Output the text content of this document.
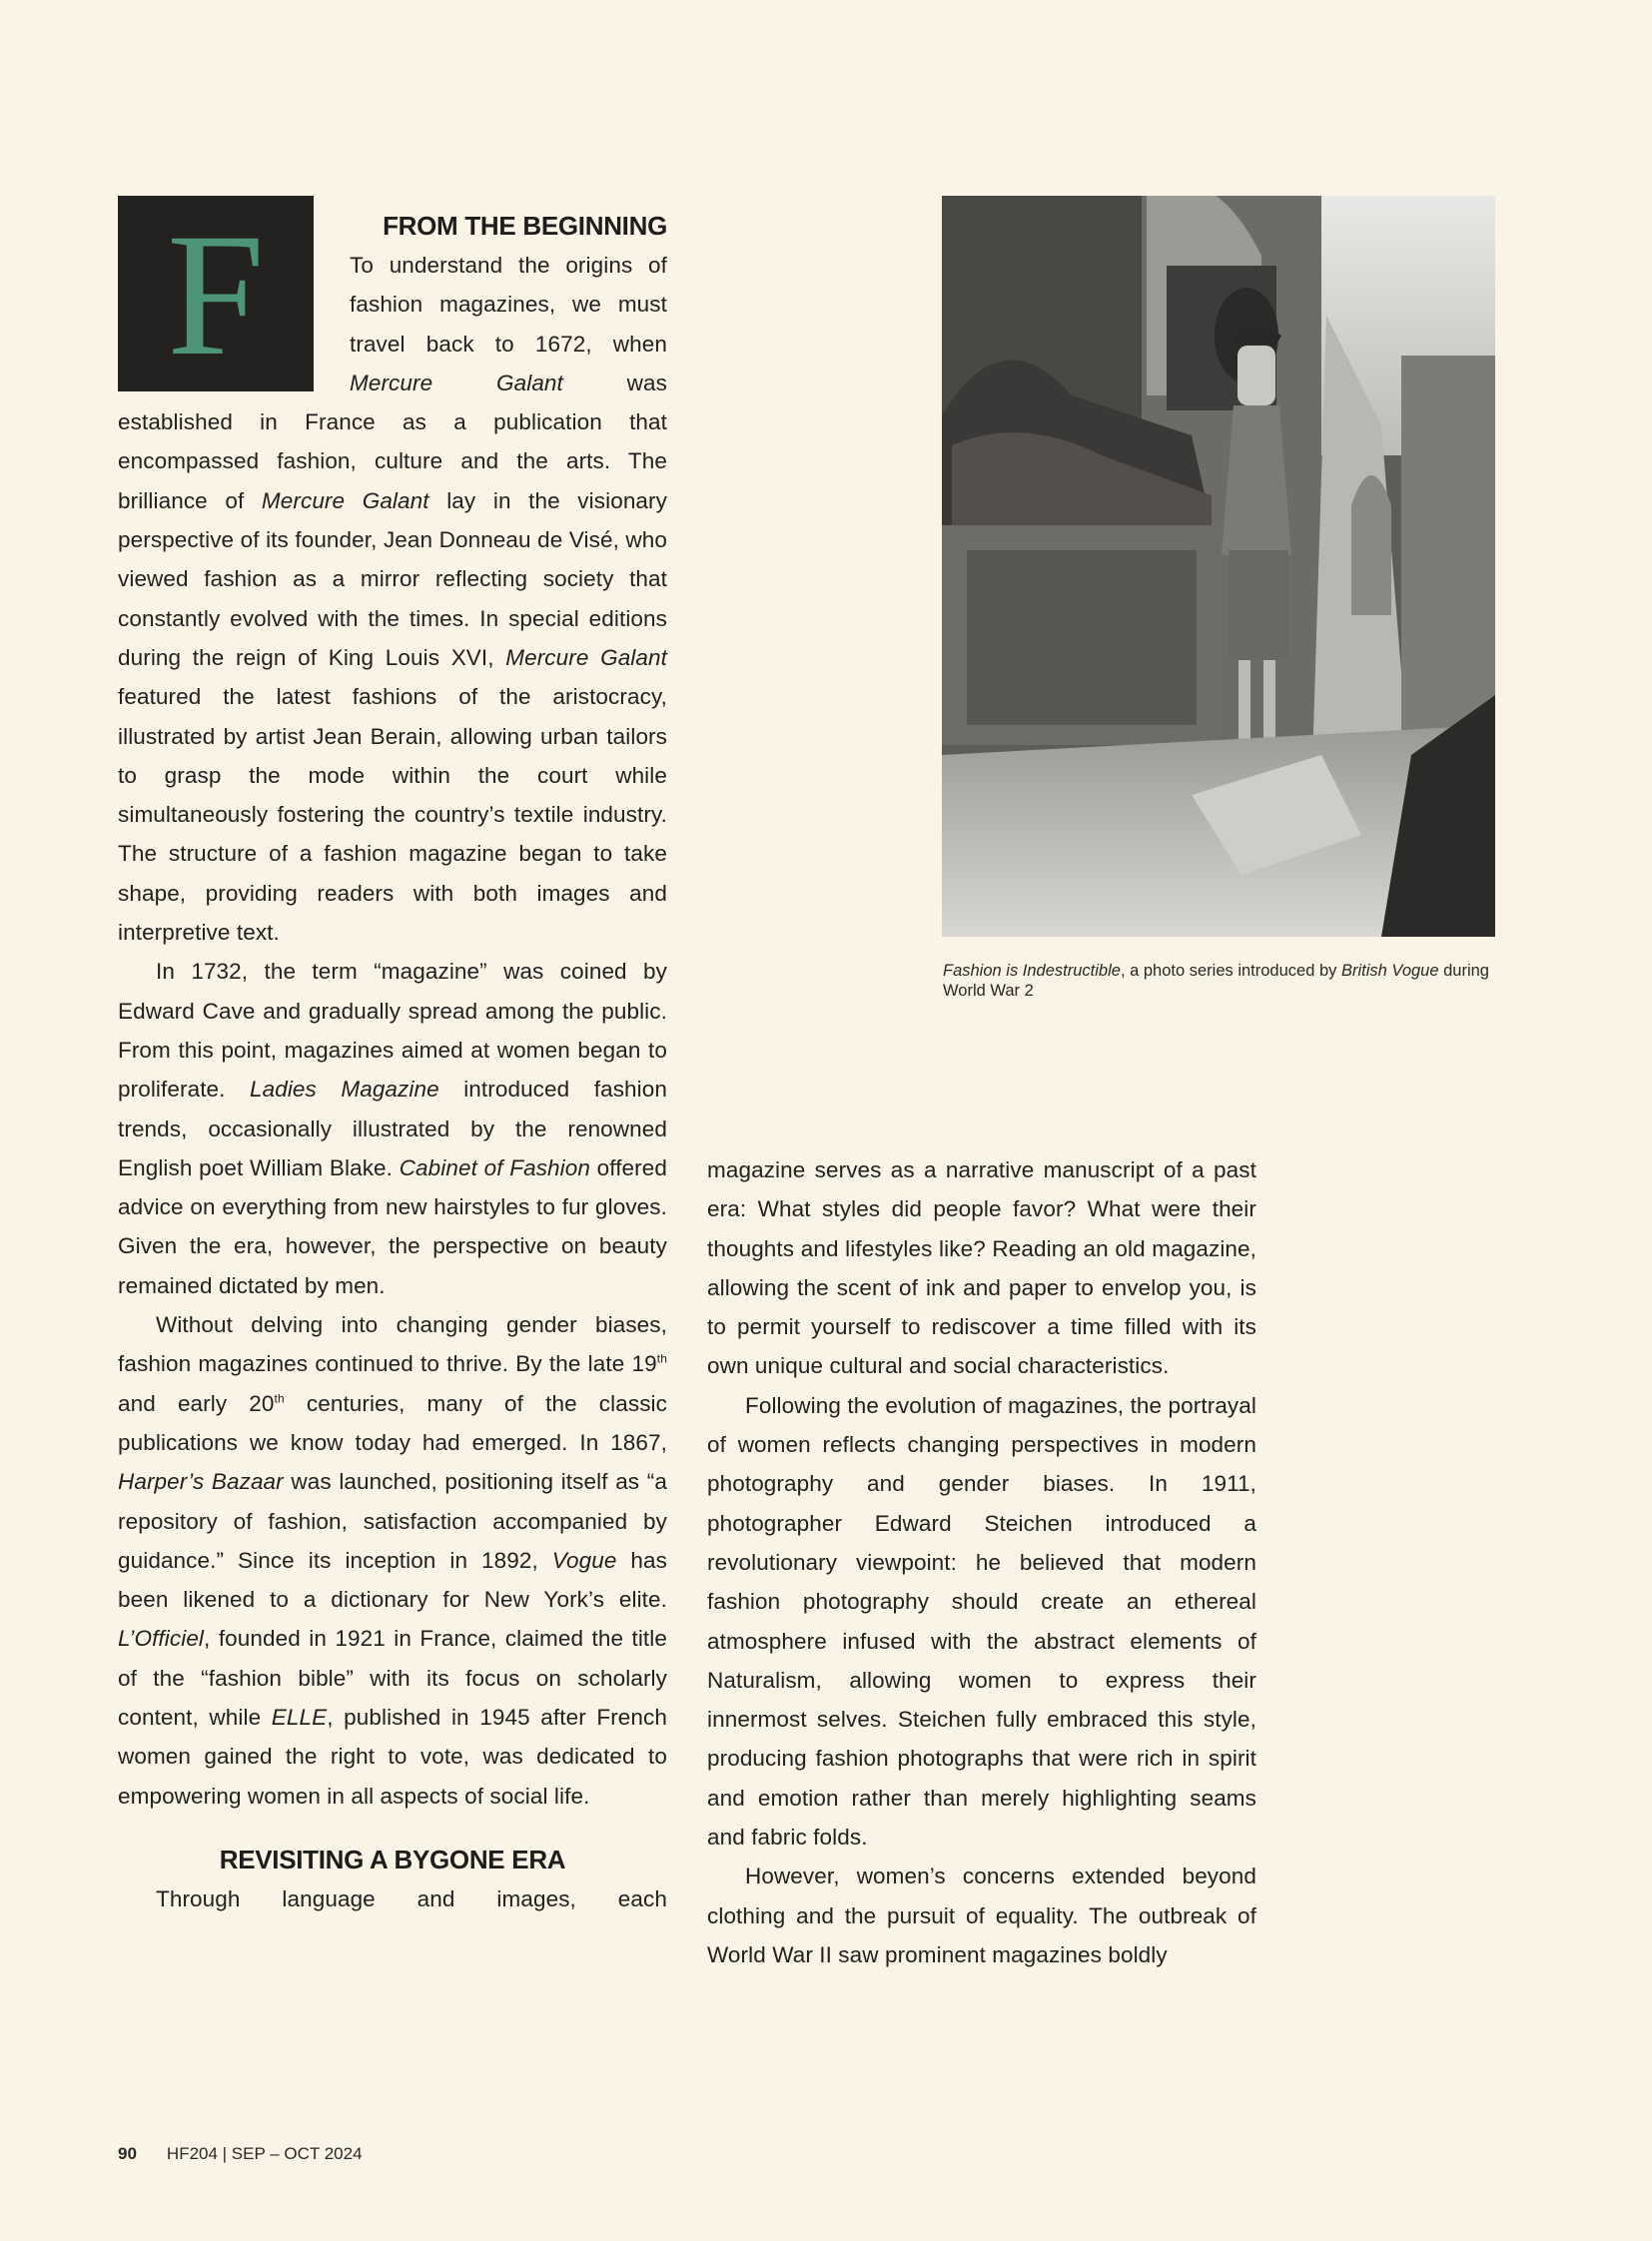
F	FROM THE BEGINNING

To understand the origins of fashion magazines, we must travel back to 1672, when Mercure Galant was established in France as a publication that encompassed fashion, culture and the arts. The brilliance of Mercure Galant lay in the visionary perspective of its founder, Jean Donneau de Visé, who viewed fashion as a mirror reflecting society that constantly evolved with the times. In special editions during the reign of King Louis XVI, Mercure Galant featured the latest fashions of the aristocracy, illustrated by artist Jean Berain, allowing urban tailors to grasp the mode within the court while simultaneously fostering the country’s textile industry. The structure of a fashion magazine began to take shape, providing readers with both images and interpretive text.

In 1732, the term “magazine” was coined by Edward Cave and gradually spread among the public. From this point, magazines aimed at women began to proliferate. Ladies Magazine introduced fashion trends, occasionally illustrated by the renowned English poet William Blake. Cabinet of Fashion offered advice on everything from new hairstyles to fur gloves. Given the era, however, the perspective on beauty remained dictated by men.

Without delving into changing gender biases, fashion magazines continued to thrive. By the late 19th and early 20th centuries, many of the classic publications we know today had emerged. In 1867, Harper’s Bazaar was launched, positioning itself as “a repository of fashion, satisfaction accompanied by guidance.” Since its inception in 1892, Vogue has been likened to a dictionary for New York’s elite. L’Officiel, founded in 1921 in France, claimed the title of the “fashion bible” with its focus on scholarly content, while ELLE, published in 1945 after French women gained the right to vote, was dedicated to empowering women in all aspects of social life.

REVISITING A BYGONE ERA

Through language and images, each

magazine serves as a narrative manuscript of a past era: What styles did people favor? What were their thoughts and lifestyles like? Reading an old magazine, allowing the scent of ink and paper to envelop you, is to permit yourself to rediscover a time filled with its own unique cultural and social characteristics.

Following the evolution of magazines, the portrayal of women reflects changing perspectives in modern photography and gender biases. In 1911, photographer Edward Steichen introduced a revolutionary viewpoint: he believed that modern fashion photography should create an ethereal atmosphere infused with the abstract elements of Naturalism, allowing women to express their innermost selves. Steichen fully embraced this style, producing fashion photographs that were rich in spirit and emotion rather than merely highlighting seams and fabric folds.

However, women’s concerns extended beyond clothing and the pursuit of equality. The outbreak of World War II saw prominent magazines boldly

Fashion is Indestructible, a photo series introduced by British Vogue during World War 2
90 HF204 | SEP – OCT 2024
